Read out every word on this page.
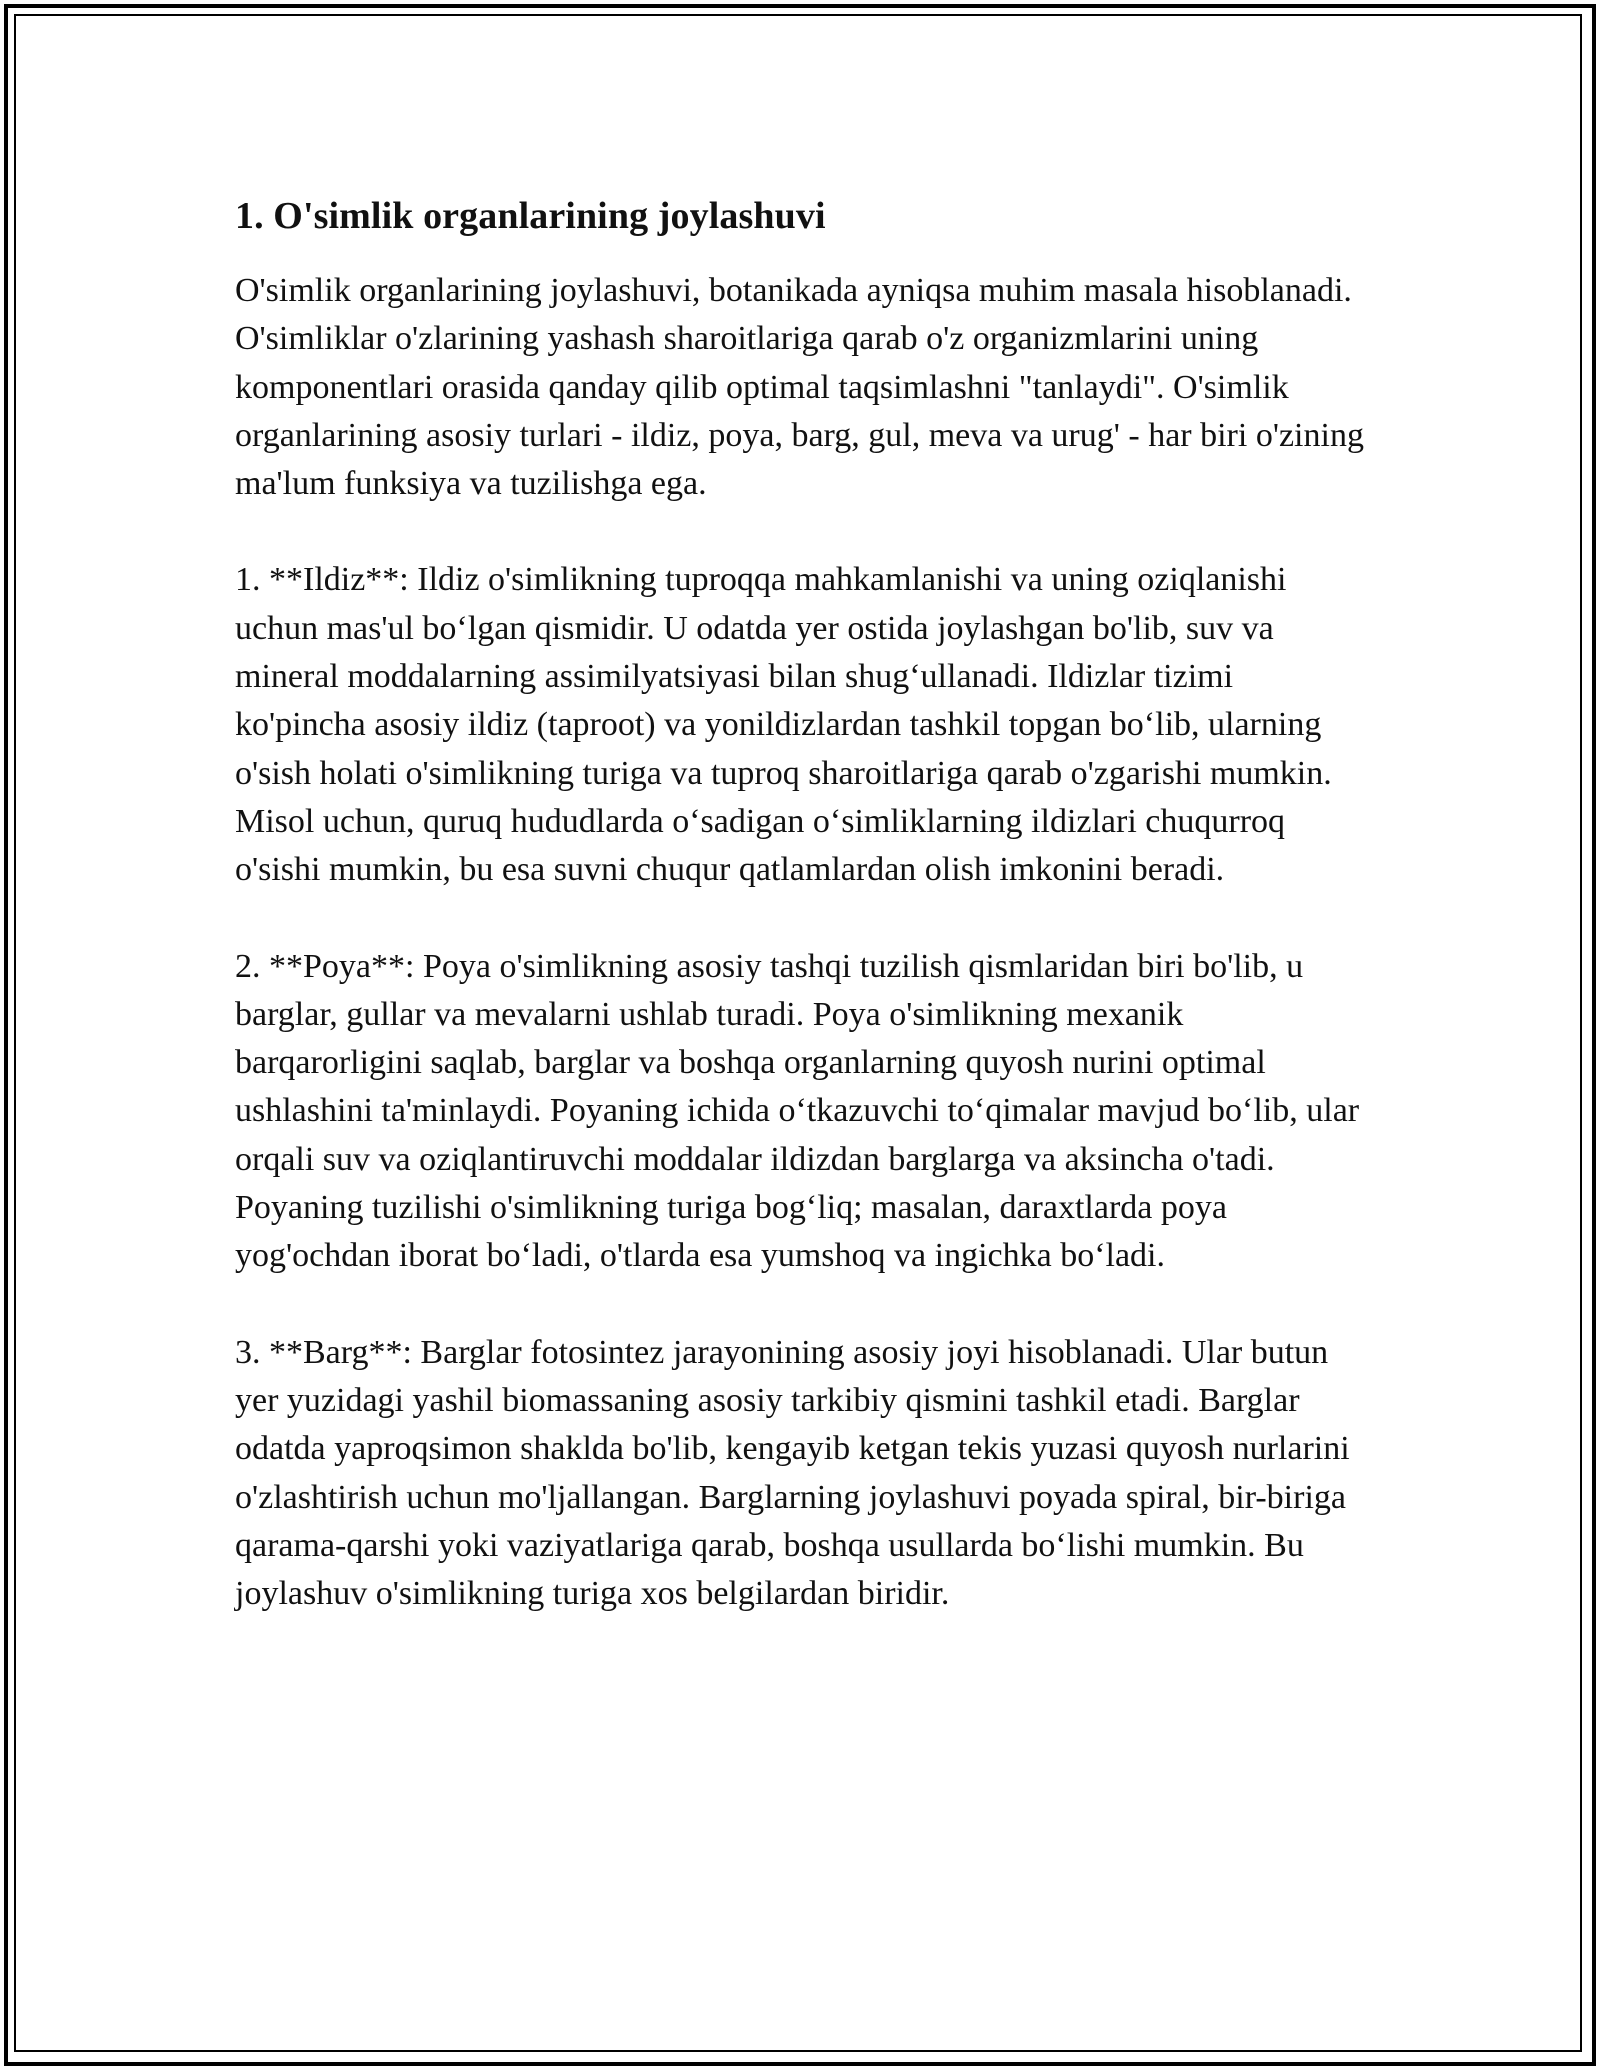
1. O'simlik organlarining joylashuvi

O'simlik organlarining joylashuvi, botanikada ayniqsa muhim masala hisoblanadi. O'simliklar o'zlarining yashash sharoitlariga qarab o'z organizmlarini uning komponentlari orasida qanday qilib optimal taqsimlashni "tanlaydi". O'simlik organlarining asosiy turlari - ildiz, poya, barg, gul, meva va urug' - har biri o'zining ma'lum funksiya va tuzilishga ega.

1. **Ildiz**: Ildiz o'simlikning tuproqqa mahkamlanishi va uning oziqlanishi uchun mas'ul bo‘lgan qismidir. U odatda yer ostida joylashgan bo'lib, suv va mineral moddalarning assimilyatsiyasi bilan shug‘ullanadi. Ildizlar tizimi ko'pincha asosiy ildiz (taproot) va yonildizlardan tashkil topgan bo‘lib, ularning o'sish holati o'simlikning turiga va tuproq sharoitlariga qarab o'zgarishi mumkin. Misol uchun, quruq hududlarda o‘sadigan o‘simliklarning ildizlari chuqurroq o'sishi mumkin, bu esa suvni chuqur qatlamlardan olish imkonini beradi.

2. **Poya**: Poya o'simlikning asosiy tashqi tuzilish qismlaridan biri bo'lib, u barglar, gullar va mevalarni ushlab turadi. Poya o'simlikning mexanik barqarorligini saqlab, barglar va boshqa organlarning quyosh nurini optimal ushlashini ta'minlaydi. Poyaning ichida o‘tkazuvchi to‘qimalar mavjud bo‘lib, ular orqali suv va oziqlantiruvchi moddalar ildizdan barglarga va aksincha o'tadi. Poyaning tuzilishi o'simlikning turiga bog‘liq; masalan, daraxtlarda poya yog'ochdan iborat bo‘ladi, o'tlarda esa yumshoq va ingichka bo‘ladi.

3. **Barg**: Barglar fotosintez jarayonining asosiy joyi hisoblanadi. Ular butun yer yuzidagi yashil biomassaning asosiy tarkibiy qismini tashkil etadi. Barglar odatda yaproqsimon shaklda bo'lib, kengayib ketgan tekis yuzasi quyosh nurlarini o'zlashtirish uchun mo'ljallangan. Barglarning joylashuvi poyada spiral, bir-biriga qarama-qarshi yoki vaziyatlariga qarab, boshqa usullarda bo‘lishi mumkin. Bu joylashuv o'simlikning turiga xos belgilardan biridir.
